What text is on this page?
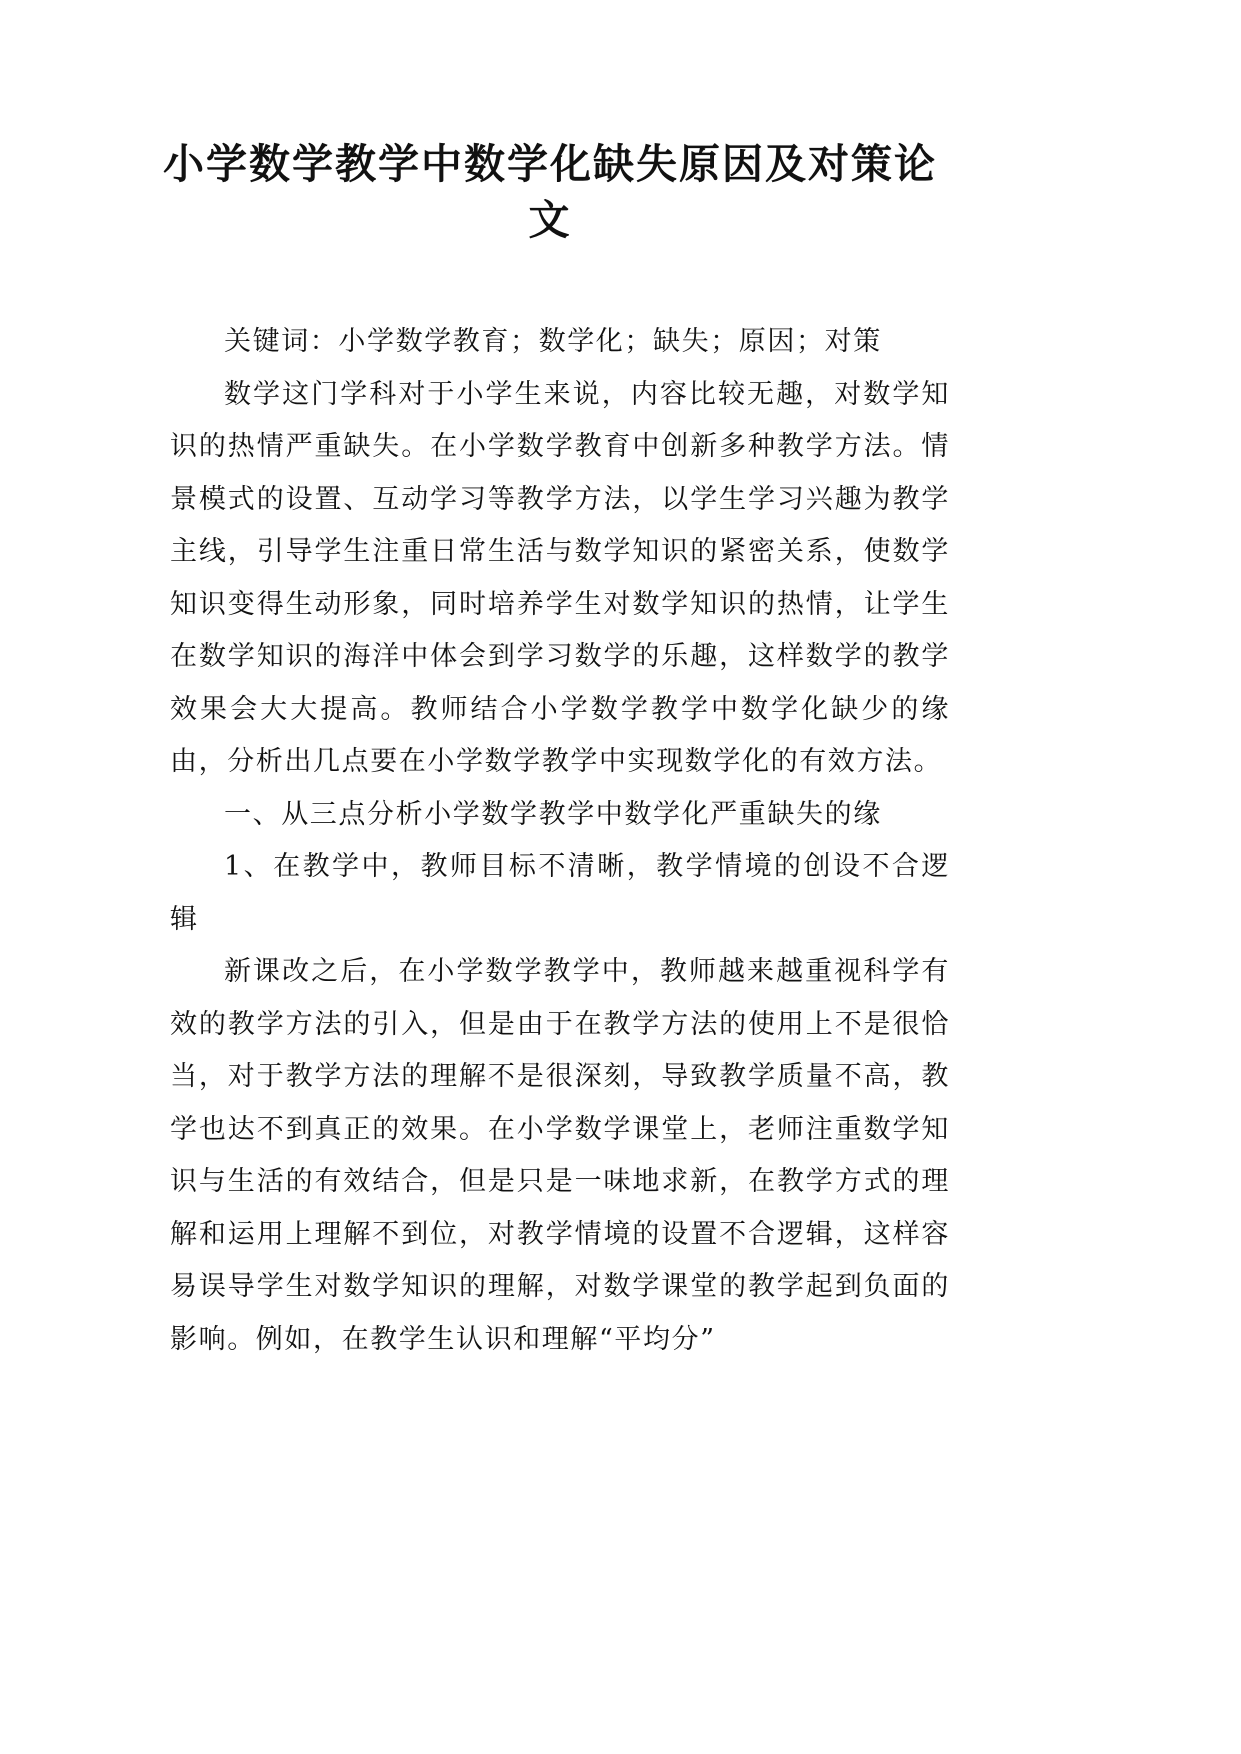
小学数学教学中数学化缺失原因及对策论
文

关键词：小学数学教育；数学化；缺失；原因；对策

数学这门学科对于小学生来说，内容比较无趣，对数学知识的热情严重缺失。在小学数学教育中创新多种教学方法。情景模式的设置、互动学习等教学方法，以学生学习兴趣为教学主线，引导学生注重日常生活与数学知识的紧密关系，使数学知识变得生动形象，同时培养学生对数学知识的热情，让学生在数学知识的海洋中体会到学习数学的乐趣，这样数学的教学效果会大大提高。教师结合小学数学教学中数学化缺少的缘由，分析出几点要在小学数学教学中实现数学化的有效方法。

一、从三点分析小学数学教学中数学化严重缺失的缘

1、在教学中，教师目标不清晰，教学情境的创设不合逻辑

新课改之后，在小学数学教学中，教师越来越重视科学有效的教学方法的引入，但是由于在教学方法的使用上不是很恰当，对于教学方法的理解不是很深刻，导致教学质量不高，教学也达不到真正的效果。在小学数学课堂上，老师注重数学知识与生活的有效结合，但是只是一味地求新，在教学方式的理解和运用上理解不到位，对教学情境的设置不合逻辑，这样容易误导学生对数学知识的理解，对数学课堂的教学起到负面的影响。例如，在教学生认识和理解“平均分”
